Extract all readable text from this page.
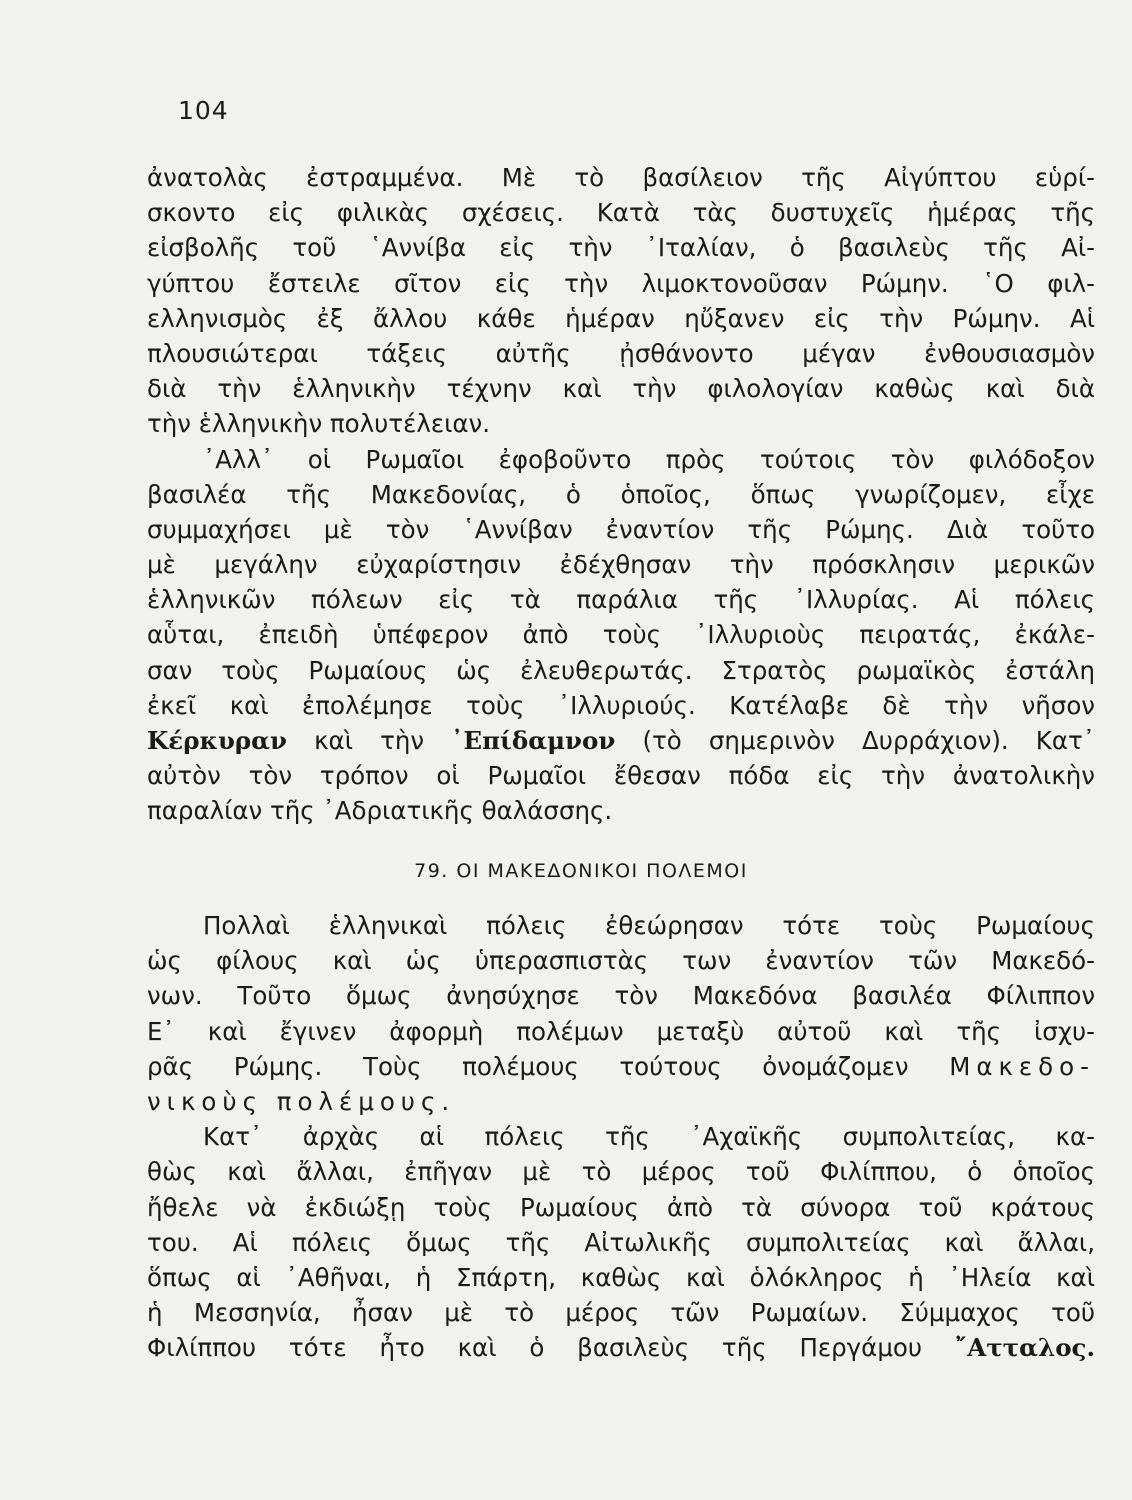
104
ἀνατολὰς ἐστραμμένα. Μὲ τὸ βασίλειον τῆς Αἰγύπτου εὑρί-
σκοντο εἰς φιλικὰς σχέσεις. Κατὰ τὰς δυστυχεῖς ἡμέρας τῆς
εἰσβολῆς τοῦ ῾Αννίβα εἰς τὴν ᾿Ιταλίαν, ὁ βασιλεὺς τῆς Αἰ-
γύπτου ἔστειλε σῖτον εἰς τὴν λιμοκτονοῦσαν Ρώμην. ῾Ο φιλ-
ελληνισμὸς ἐξ ἄλλου κάθε ἡμέραν ηὔξανεν εἰς τὴν Ρώμην. Αἱ
πλουσιώτεραι τάξεις αὐτῆς ᾐσθάνοντο μέγαν ἐνθουσιασμὸν
διὰ τὴν ἑλληνικὴν τέχνην καὶ τὴν φιλολογίαν καθὼς καὶ διὰ
τὴν ἑλληνικὴν πολυτέλειαν.
᾿Αλλ᾿ οἱ Ρωμαῖοι ἐφοβοῦντο πρὸς τούτοις τὸν φιλόδοξον
βασιλέα τῆς Μακεδονίας, ὁ ὁποῖος, ὅπως γνωρίζομεν, εἶχε
συμμαχήσει μὲ τὸν ῾Αννίβαν ἐναντίον τῆς Ρώμης. Διὰ τοῦτο
μὲ μεγάλην εὐχαρίστησιν ἐδέχθησαν τὴν πρόσκλησιν μερικῶν
ἑλληνικῶν πόλεων εἰς τὰ παράλια τῆς ᾿Ιλλυρίας. Αἱ πόλεις
αὗται, ἐπειδὴ ὑπέφερον ἀπὸ τοὺς ᾿Ιλλυριοὺς πειρατάς, ἐκάλε-
σαν τοὺς Ρωμαίους ὡς ἐλευθερωτάς. Στρατὸς ρωμαϊκὸς ἐστάλη
ἐκεῖ καὶ ἐπολέμησε τοὺς ᾿Ιλλυριούς. Κατέλαβε δὲ τὴν νῆσον
Κέρκυραν καὶ τὴν ᾿Επίδαμνον (τὸ σημερινὸν Δυρράχιον). Κατ᾿
αὐτὸν τὸν τρόπον οἱ Ρωμαῖοι ἔθεσαν πόδα εἰς τὴν ἀνατολικὴν
παραλίαν τῆς ᾿Αδριατικῆς θαλάσσης.
79. ΟΙ ΜΑΚΕΔΟΝΙΚΟΙ ΠΟΛΕΜΟΙ
Πολλαὶ ἑλληνικαὶ πόλεις ἐθεώρησαν τότε τοὺς Ρωμαίους
ὡς φίλους καὶ ὡς ὑπερασπιστὰς των ἐναντίον τῶν Μακεδό-
νων. Τοῦτο ὅμως ἀνησύχησε τὸν Μακεδόνα βασιλέα Φίλιππον
Ε᾿ καὶ ἔγινεν ἀφορμὴ πολέμων μεταξὺ αὐτοῦ καὶ τῆς ἰσχυ-
ρᾶς Ρώμης. Τοὺς πολέμους τούτους ὀνομάζομεν Μακεδο-
νικοὺς πολέμους.
Κατ᾿ ἀρχὰς αἱ πόλεις τῆς ᾿Αχαϊκῆς συμπολιτείας, κα-
θὼς καὶ ἄλλαι, ἐπῆγαν μὲ τὸ μέρος τοῦ Φιλίππου, ὁ ὁποῖος
ἤθελε νὰ ἐκδιώξῃ τοὺς Ρωμαίους ἀπὸ τὰ σύνορα τοῦ κράτους
του. Αἱ πόλεις ὅμως τῆς Αἰτωλικῆς συμπολιτείας καὶ ἄλλαι,
ὅπως αἱ ᾿Αθῆναι, ἡ Σπάρτη, καθὼς καὶ ὁλόκληρος ἡ ᾿Ηλεία καὶ
ἡ Μεσσηνία, ἦσαν μὲ τὸ μέρος τῶν Ρωμαίων. Σύμμαχος τοῦ
Φιλίππου τότε ἦτο καὶ ὁ βασιλεὺς τῆς Περγάμου ῎Ατταλος.
